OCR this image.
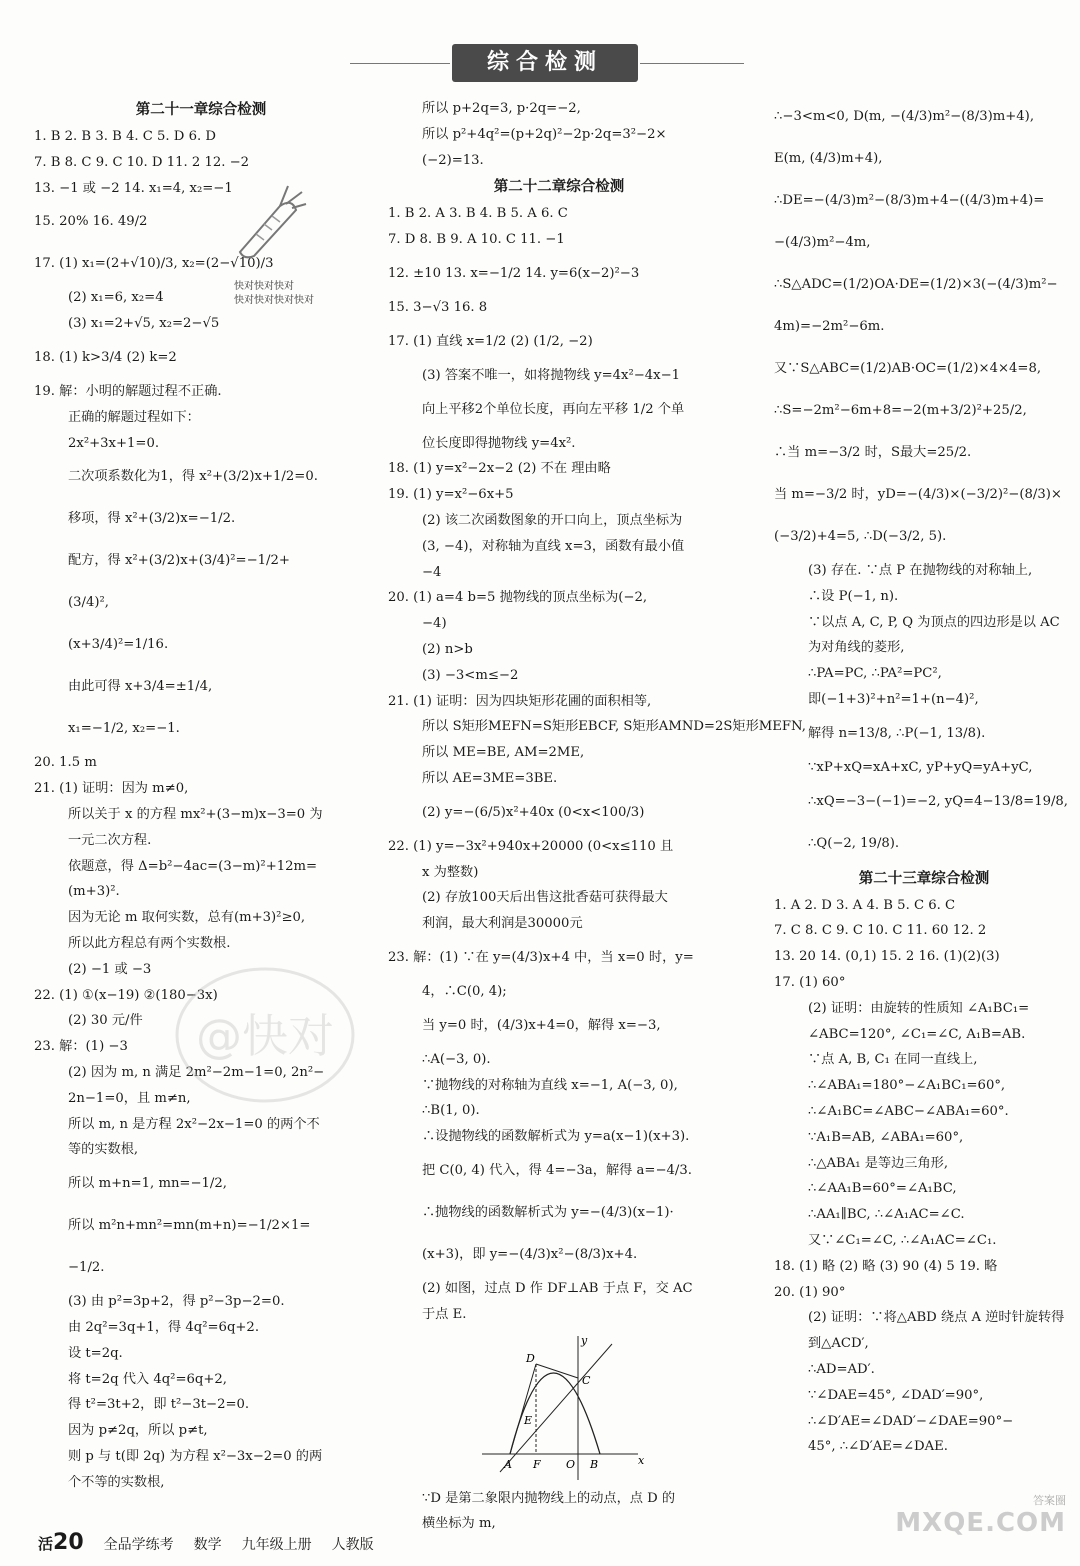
综合检测
第二十一章综合检测
1. B 2. B 3. B 4. C 5. D 6. D
7. B 8. C 9. C 10. D 11. 2 12. −2
13. −1 或 −2 14. x₁=4, x₂=−1
15. 20% 16. 49/2
17. (1) x₁=(2+√10)/3, x₂=(2−√10)/3
(2) x₁=6, x₂=4
(3) x₁=2+√5, x₂=2−√5
18. (1) k>3/4 (2) k=2
19. 解：小明的解题过程不正确.
正确的解题过程如下：
2x²+3x+1=0.
二次项系数化为1，得 x²+(3/2)x+1/2=0.
移项，得 x²+(3/2)x=−1/2.
配方，得 x²+(3/2)x+(3/4)²=−1/2+
(3/4)²,
(x+3/4)²=1/16.
由此可得 x+3/4=±1/4,
x₁=−1/2, x₂=−1.
20. 1.5 m
21. (1) 证明：因为 m≠0,
所以关于 x 的方程 mx²+(3−m)x−3=0 为
一元二次方程.
依题意，得 Δ=b²−4ac=(3−m)²+12m=
(m+3)².
因为无论 m 取何实数，总有(m+3)²≥0,
所以此方程总有两个实数根.
(2) −1 或 −3
22. (1) ①(x−19) ②(180−3x)
(2) 30 元/件
23. 解：(1) −3
(2) 因为 m, n 满足 2m²−2m−1=0, 2n²−
2n−1=0，且 m≠n,
所以 m, n 是方程 2x²−2x−1=0 的两个不
等的实数根,
所以 m+n=1, mn=−1/2,
所以 m²n+mn²=mn(m+n)=−1/2×1=
−1/2.
(3) 由 p²=3p+2，得 p²−3p−2=0.
由 2q²=3q+1，得 4q²=6q+2.
设 t=2q.
将 t=2q 代入 4q²=6q+2,
得 t²=3t+2，即 t²−3t−2=0.
因为 p≠2q，所以 p≠t,
则 p 与 t(即 2q) 为方程 x²−3x−2=0 的两
个不等的实数根,
所以 p+2q=3, p·2q=−2,
所以 p²+4q²=(p+2q)²−2p·2q=3²−2×
(−2)=13.
第二十二章综合检测
1. B 2. A 3. B 4. B 5. A 6. C
7. D 8. B 9. A 10. C 11. −1
12. ±10 13. x=−1/2 14. y=6(x−2)²−3
15. 3−√3 16. 8
17. (1) 直线 x=1/2 (2) (1/2, −2)
(3) 答案不唯一，如将抛物线 y=4x²−4x−1
向上平移2个单位长度，再向左平移 1/2 个单
位长度即得抛物线 y=4x².
18. (1) y=x²−2x−2 (2) 不在 理由略
19. (1) y=x²−6x+5
(2) 该二次函数图象的开口向上，顶点坐标为
(3, −4)，对称轴为直线 x=3，函数有最小值
−4
20. (1) a=4 b=5 抛物线的顶点坐标为(−2,
−4)
(2) n>b
(3) −3<m≤−2
21. (1) 证明：因为四块矩形花圃的面积相等,
所以 S矩形MEFN=S矩形EBCF, S矩形AMND=2S矩形MEFN,
所以 ME=BE, AM=2ME,
所以 AE=3ME=3BE.
(2) y=−(6/5)x²+40x (0<x<100/3)
22. (1) y=−3x²+940x+20000 (0<x≤110 且
x 为整数)
(2) 存放100天后出售这批香菇可获得最大
利润，最大利润是30000元
23. 解：(1) ∵在 y=(4/3)x+4 中，当 x=0 时，y=
4，∴C(0, 4);
当 y=0 时，(4/3)x+4=0，解得 x=−3,
∴A(−3, 0).
∵抛物线的对称轴为直线 x=−1, A(−3, 0),
∴B(1, 0).
∴设抛物线的函数解析式为 y=a(x−1)(x+3).
把 C(0, 4) 代入，得 4=−3a，解得 a=−4/3.
∴抛物线的函数解析式为 y=−(4/3)(x−1)·
(x+3)，即 y=−(4/3)x²−(8/3)x+4.
(2) 如图，过点 D 作 DF⊥AB 于点 F，交 AC
于点 E.
y
x
D
C
E
A F O B
∵D 是第二象限内抛物线上的动点，点 D 的
横坐标为 m,
∴−3<m<0, D(m, −(4/3)m²−(8/3)m+4),
E(m, (4/3)m+4),
∴DE=−(4/3)m²−(8/3)m+4−((4/3)m+4)=
−(4/3)m²−4m,
∴S△ADC=(1/2)OA·DE=(1/2)×3(−(4/3)m²−
4m)=−2m²−6m.
又∵S△ABC=(1/2)AB·OC=(1/2)×4×4=8,
∴S=−2m²−6m+8=−2(m+3/2)²+25/2,
∴当 m=−3/2 时，S最大=25/2.
当 m=−3/2 时，yD=−(4/3)×(−3/2)²−(8/3)×
(−3/2)+4=5, ∴D(−3/2, 5).
(3) 存在. ∵点 P 在抛物线的对称轴上,
∴设 P(−1, n).
∵以点 A, C, P, Q 为顶点的四边形是以 AC
为对角线的菱形,
∴PA=PC, ∴PA²=PC²,
即(−1+3)²+n²=1+(n−4)²,
解得 n=13/8, ∴P(−1, 13/8).
∵xP+xQ=xA+xC, yP+yQ=yA+yC,
∴xQ=−3−(−1)=−2, yQ=4−13/8=19/8,
∴Q(−2, 19/8).
第二十三章综合检测
1. A 2. D 3. A 4. B 5. C 6. C
7. C 8. C 9. C 10. C 11. 60 12. 2
13. 20 14. (0,1) 15. 2 16. (1)(2)(3)
17. (1) 60°
(2) 证明：由旋转的性质知 ∠A₁BC₁=
∠ABC=120°, ∠C₁=∠C, A₁B=AB.
∵点 A, B, C₁ 在同一直线上,
∴∠ABA₁=180°−∠A₁BC₁=60°,
∴∠A₁BC=∠ABC−∠ABA₁=60°.
∵A₁B=AB, ∠ABA₁=60°,
∴△ABA₁ 是等边三角形,
∴∠AA₁B=60°=∠A₁BC,
∴AA₁∥BC, ∴∠A₁AC=∠C.
又∵∠C₁=∠C, ∴∠A₁AC=∠C₁.
18. (1) 略 (2) 略 (3) 90 (4) 5 19. 略
20. (1) 90°
(2) 证明：∵将△ABD 绕点 A 逆时针旋转得
到△ACD′,
∴AD=AD′.
∵∠DAE=45°, ∠DAD′=90°,
∴∠D′AE=∠DAD′−∠DAE=90°−
45°, ∴∠D′AE=∠DAE.
快对快对快对
快对快对快对快对
@快对
活20 全品学练考 数学 九年级上册 人教版
答案圈
MXQE.COM
